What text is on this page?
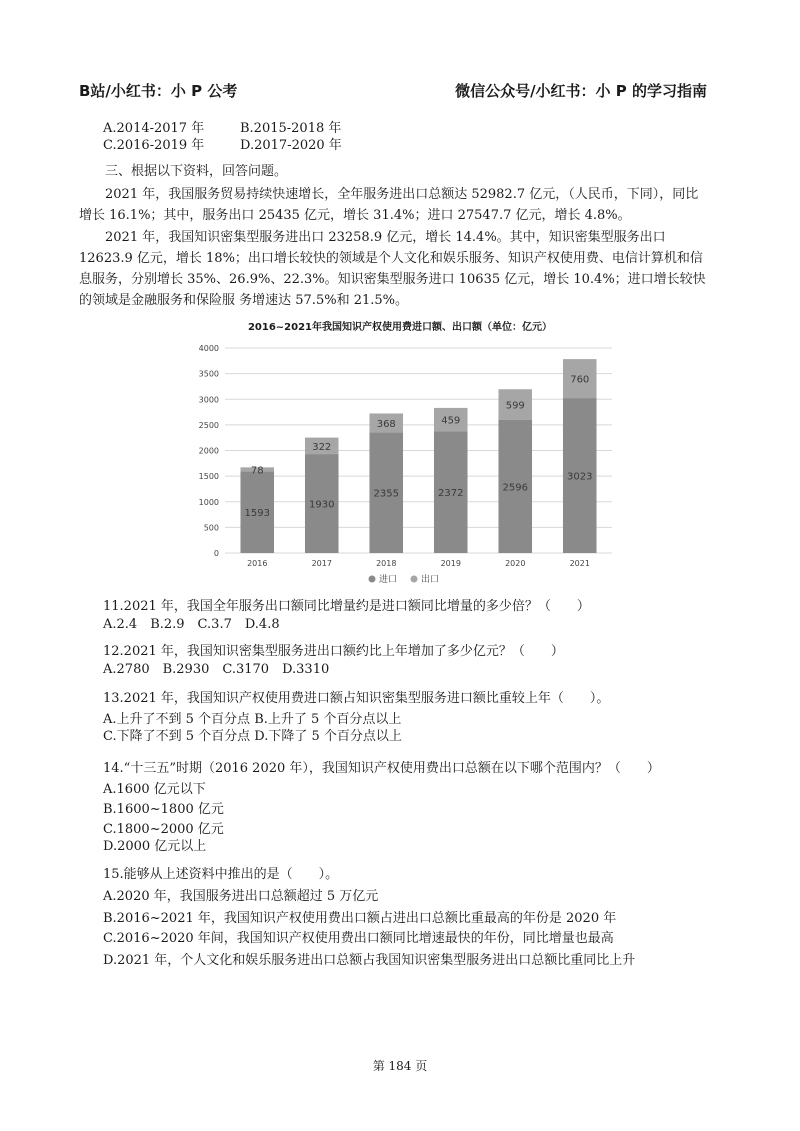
B站/小红书：小 P 公考	微信公众号/小红书：小 P 的学习指南
A.2014-2017 年	B.2015-2018 年
C.2016-2019 年	D.2017-2020 年
三、根据以下资料，回答问题。
2021 年，我国服务贸易持续快速增长，全年服务进出口总额达 52982.7 亿元，（人民币，下同），同比增长 16.1%；其中，服务出口 25435 亿元，增长 31.4%；进口 27547.7 亿元，增长 4.8%。
2021 年，我国知识密集型服务进出口 23258.9 亿元，增长 14.4%。其中，知识密集型服务出口 12623.9 亿元，增长 18%；出口增长较快的领域是个人文化和娱乐服务、知识产权使用费、电信计算机和信息服务，分别增长 35%、26.9%、22.3%。知识密集型服务进口 10635 亿元，增长 10.4%；进口增长较快的领域是金融服务和保险服 务增速达 57.5%和 21.5%。
2016~2021年我国知识产权使用费进口额、出口额（单位：亿元）
0
500
1000
1500
2000
2500
3000
3500
4000
1593
78
2016
1930
322
2017
2355
368
2018
2372
459
2019
2596
599
2020
3023
760
2021
进口	出口
11.2021 年，我国全年服务出口额同比增量约是进口额同比增量的多少倍？（　　）
A.2.4　B.2.9　C.3.7　D.4.8
12.2021 年，我国知识密集型服务进出口额约比上年增加了多少亿元？（　　）
A.2780　B.2930　C.3170　D.3310
13.2021 年，我国知识产权使用费进口额占知识密集型服务进口额比重较上年（　　）。
A.上升了不到 5 个百分点 B.上升了 5 个百分点以上
C.下降了不到 5 个百分点 D.下降了 5 个百分点以上
14.“十三五”时期（2016 2020 年），我国知识产权使用费出口总额在以下哪个范围内？（　　）
A.1600 亿元以下
B.1600~1800 亿元
C.1800~2000 亿元
D.2000 亿元以上
15.能够从上述资料中推出的是（　　）。
A.2020 年，我国服务进出口总额超过 5 万亿元
B.2016~2021 年，我国知识产权使用费出口额占进出口总额比重最高的年份是 2020 年
C.2016~2020 年间，我国知识产权使用费出口额同比增速最快的年份，同比增量也最高
D.2021 年，个人文化和娱乐服务进出口总额占我国知识密集型服务进出口总额比重同比上升
第 184 页
